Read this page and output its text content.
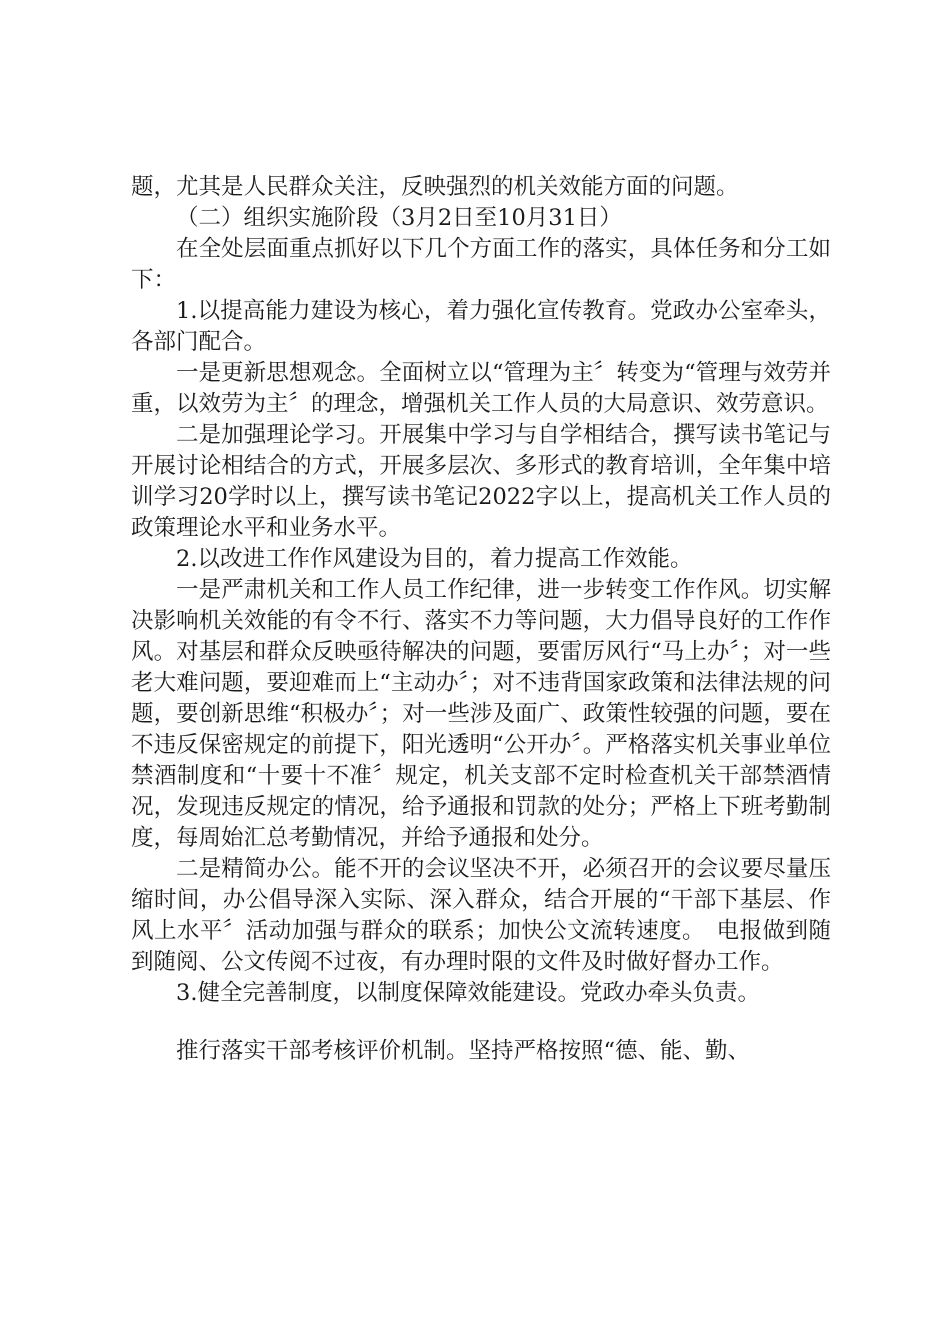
题，尤其是人民群众关注，反映强烈的机关效能方面的问题。

（二）组织实施阶段（3月2日至10月31日）

在全处层面重点抓好以下几个方面工作的落实，具体任务和分工如下：

1.以提高能力建设为核心，着力强化宣传教育。党政办公室牵头，各部门配合。

一是更新思想观念。全面树立以“管理为主〞转变为“管理与效劳并重，以效劳为主〞的理念，增强机关工作人员的大局意识、效劳意识。

二是加强理论学习。开展集中学习与自学相结合，撰写读书笔记与开展讨论相结合的方式，开展多层次、多形式的教育培训，全年集中培训学习20学时以上，撰写读书笔记2022字以上，提高机关工作人员的政策理论水平和业务水平。

2.以改进工作作风建设为目的，着力提高工作效能。

一是严肃机关和工作人员工作纪律，进一步转变工作作风。切实解决影响机关效能的有令不行、落实不力等问题，大力倡导良好的工作作风。对基层和群众反映亟待解决的问题，要雷厉风行“马上办〞；对一些老大难问题，要迎难而上“主动办〞；对不违背国家政策和法律法规的问题，要创新思维“积极办〞；对一些涉及面广、政策性较强的问题，要在不违反保密规定的前提下，阳光透明“公开办〞。严格落实机关事业单位禁酒制度和“十要十不准〞规定，机关支部不定时检查机关干部禁酒情况，发现违反规定的情况，给予通报和罚款的处分；严格上下班考勤制度，每周始汇总考勤情况，并给予通报和处分。

二是精简办公。能不开的会议坚决不开，必须召开的会议要尽量压缩时间，办公倡导深入实际、深入群众，结合开展的“干部下基层、作风上水平〞活动加强与群众的联系；加快公文流转速度。　电报做到随到随阅、公文传阅不过夜，有办理时限的文件及时做好督办工作。

3.健全完善制度，以制度保障效能建设。党政办牵头负责。

推行落实干部考核评价机制。坚持严格按照“德、能、勤、
